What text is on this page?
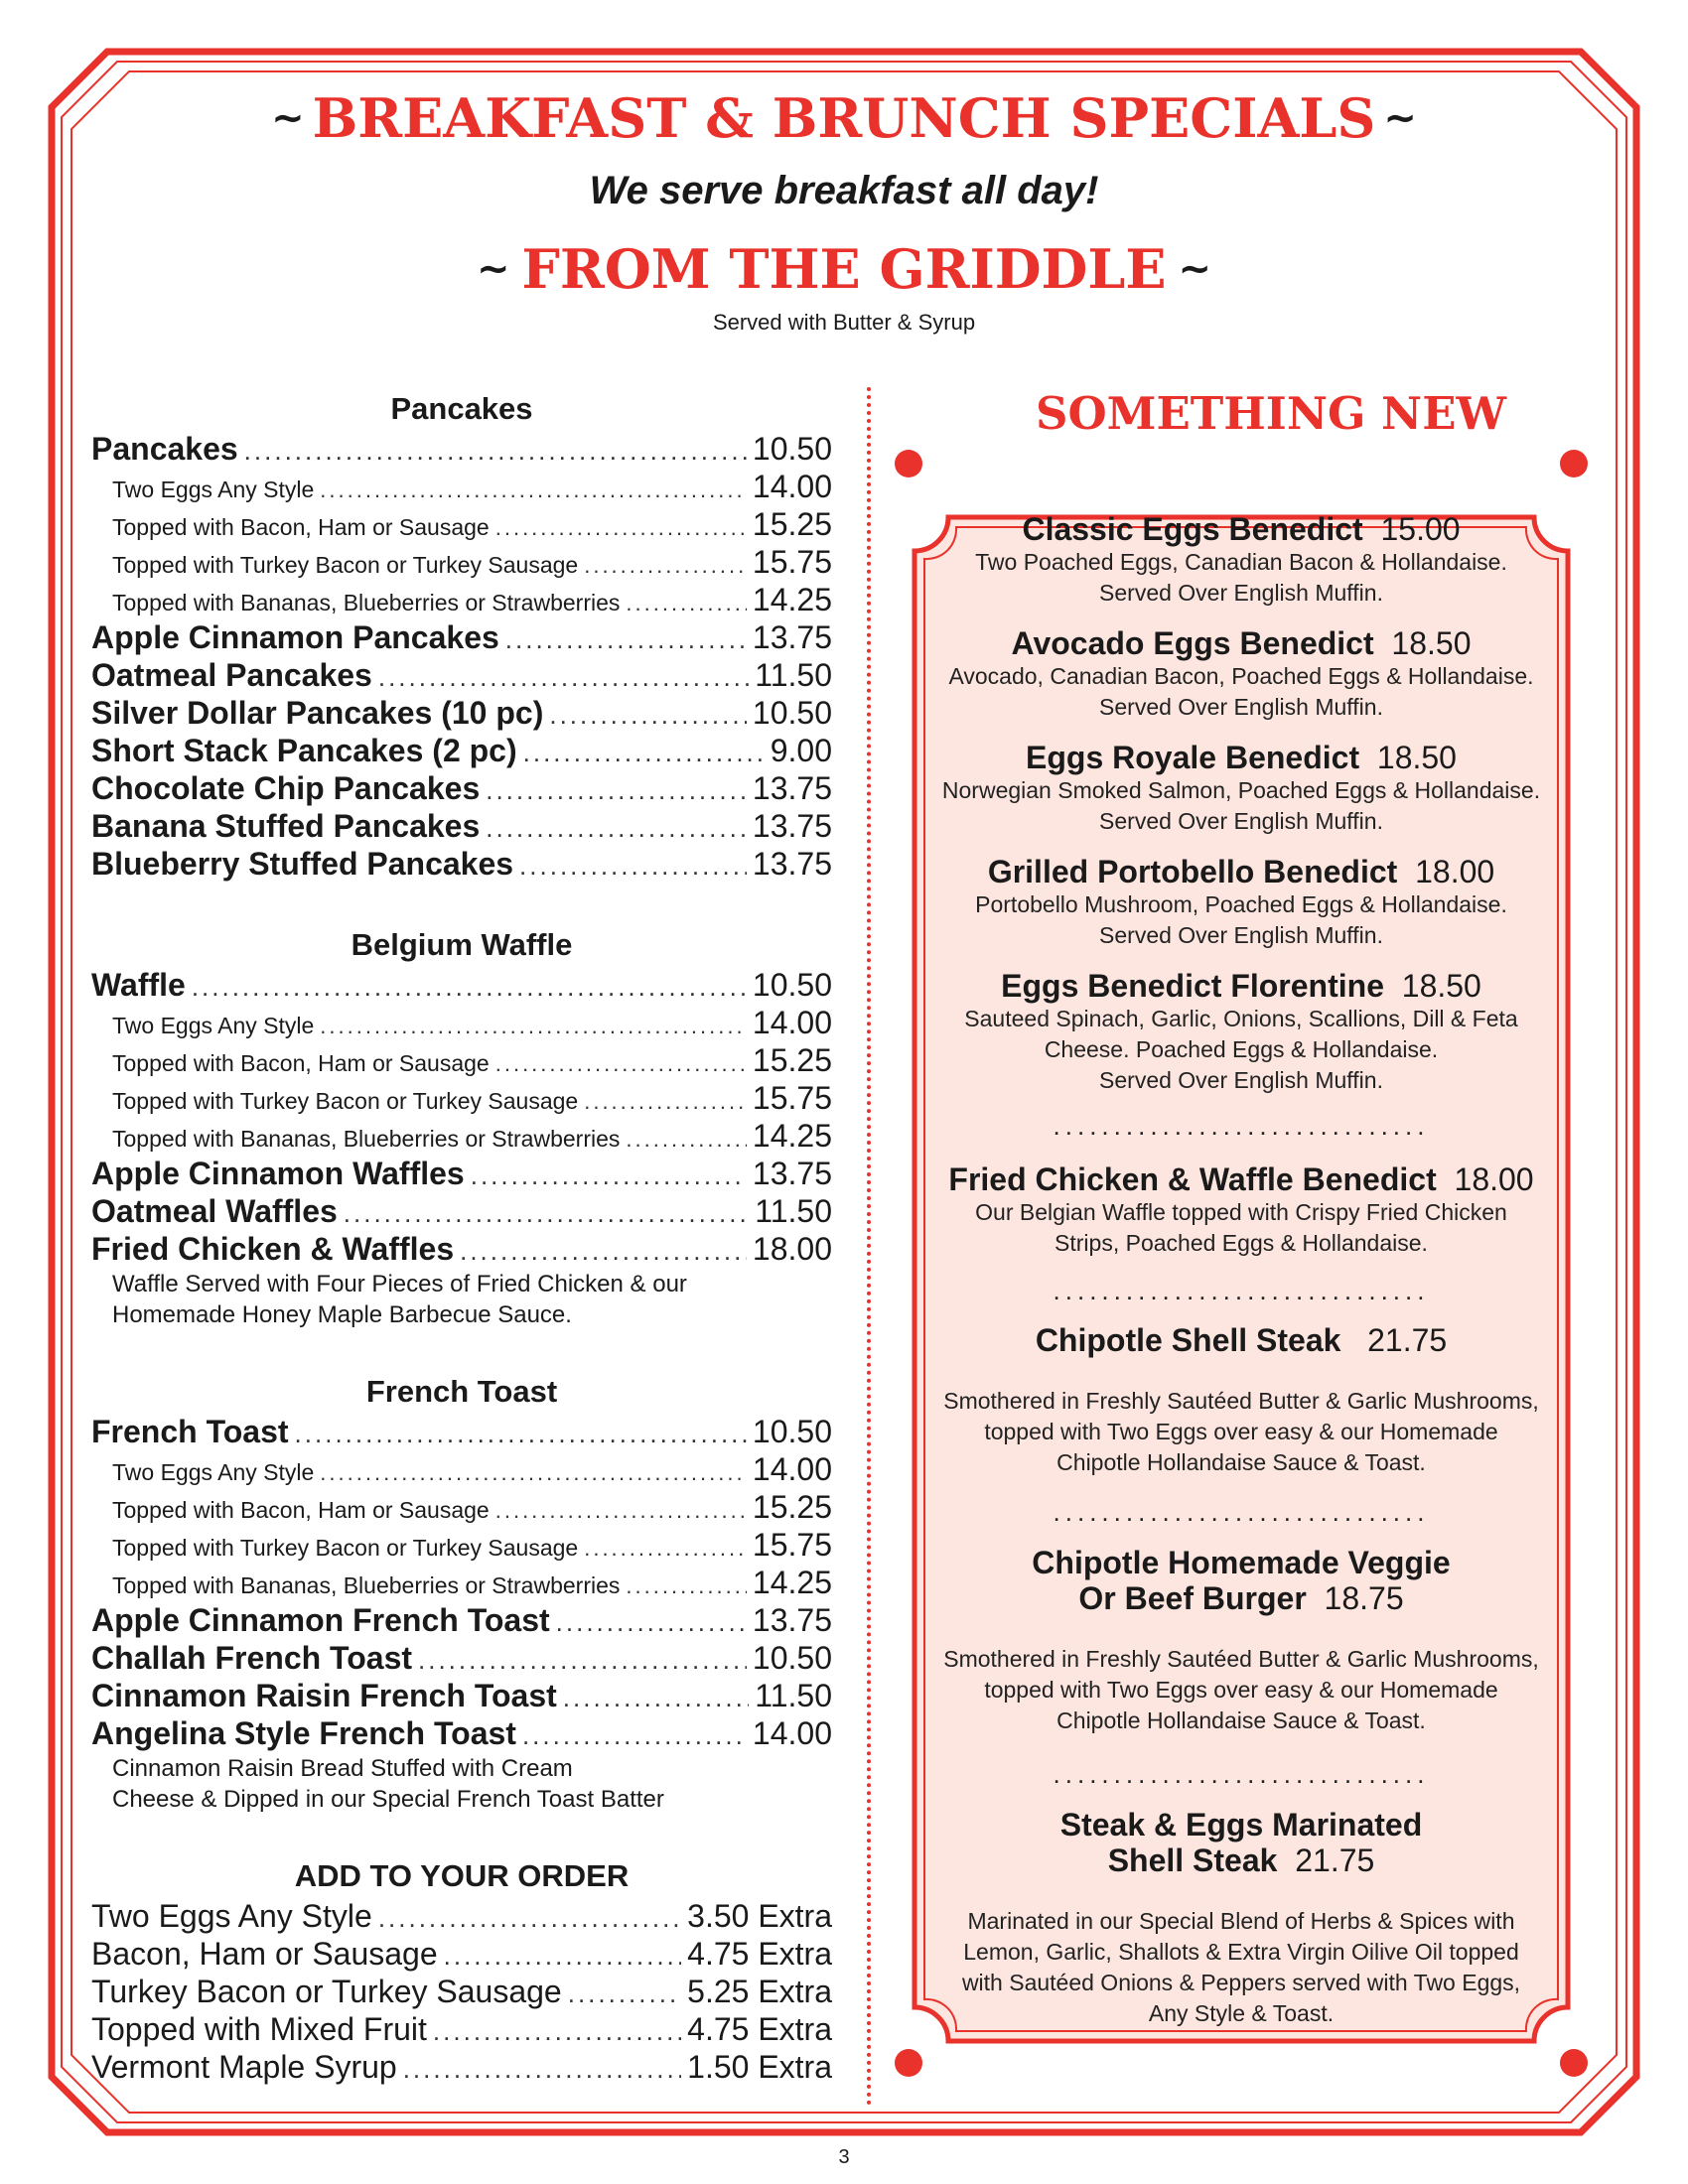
~ BREAKFAST & BRUNCH SPECIALS ~
We serve breakfast all day!
~ FROM THE GRIDDLE ~
Served with Butter & Syrup
Pancakes
Pancakes .....	10.50
Two Eggs Any Style .....	14.00
Topped with Bacon, Ham or Sausage .....	15.25
Topped with Turkey Bacon or Turkey Sausage .....	15.75
Topped with Bananas, Blueberries or Strawberries .....	14.25
Apple Cinnamon Pancakes .....	13.75
Oatmeal Pancakes .....	11.50
Silver Dollar Pancakes (10 pc) .....	10.50
Short Stack Pancakes (2 pc) .....	9.00
Chocolate Chip Pancakes .....	13.75
Banana Stuffed Pancakes .....	13.75
Blueberry Stuffed Pancakes .....	13.75
Belgium Waffle
Waffle .....	10.50
Two Eggs Any Style .....	14.00
Topped with Bacon, Ham or Sausage .....	15.25
Topped with Turkey Bacon or Turkey Sausage .....	15.75
Topped with Bananas, Blueberries or Strawberries .....	14.25
Apple Cinnamon Waffles .....	13.75
Oatmeal Waffles .....	11.50
Fried Chicken & Waffles .....	18.00
Waffle Served with Four Pieces of Fried Chicken & our
Homemade Honey Maple Barbecue Sauce.
French Toast
French Toast .....	10.50
Two Eggs Any Style .....	14.00
Topped with Bacon, Ham or Sausage .....	15.25
Topped with Turkey Bacon or Turkey Sausage .....	15.75
Topped with Bananas, Blueberries or Strawberries .....	14.25
Apple Cinnamon French Toast .....	13.75
Challah French Toast .....	10.50
Cinnamon Raisin French Toast .....	11.50
Angelina Style French Toast .....	14.00
Cinnamon Raisin Bread Stuffed with Cream
Cheese & Dipped in our Special French Toast Batter
ADD TO YOUR ORDER
Two Eggs Any Style .....	3.50 Extra
Bacon, Ham or Sausage .....	4.75 Extra
Turkey Bacon or Turkey Sausage .....	5.25 Extra
Topped with Mixed Fruit .....	4.75 Extra
Vermont Maple Syrup .....	1.50 Extra
SOMETHING NEW
Classic Eggs Benedict 15.00
Two Poached Eggs, Canadian Bacon & Hollandaise.
Served Over English Muffin.
Avocado Eggs Benedict 18.50
Avocado, Canadian Bacon, Poached Eggs & Hollandaise.
Served Over English Muffin.
Eggs Royale Benedict 18.50
Norwegian Smoked Salmon, Poached Eggs & Hollandaise.
Served Over English Muffin.
Grilled Portobello Benedict 18.00
Portobello Mushroom, Poached Eggs & Hollandaise.
Served Over English Muffin.
Eggs Benedict Florentine 18.50
Sauteed Spinach, Garlic, Onions, Scallions, Dill & Feta
Cheese. Poached Eggs & Hollandaise.
Served Over English Muffin.
...............................
Fried Chicken & Waffle Benedict 18.00
Our Belgian Waffle topped with Crispy Fried Chicken
Strips, Poached Eggs & Hollandaise.
...............................
Chipotle Shell Steak 21.75
Smothered in Freshly Sautéed Butter & Garlic Mushrooms,
topped with Two Eggs over easy & our Homemade
Chipotle Hollandaise Sauce & Toast.
...............................
Chipotle Homemade Veggie
Or Beef Burger 18.75
Smothered in Freshly Sautéed Butter & Garlic Mushrooms,
topped with Two Eggs over easy & our Homemade
Chipotle Hollandaise Sauce & Toast.
...............................
Steak & Eggs Marinated
Shell Steak 21.75
Marinated in our Special Blend of Herbs & Spices with
Lemon, Garlic, Shallots & Extra Virgin Oilive Oil topped
with Sautéed Onions & Peppers served with Two Eggs,
Any Style & Toast.
3
